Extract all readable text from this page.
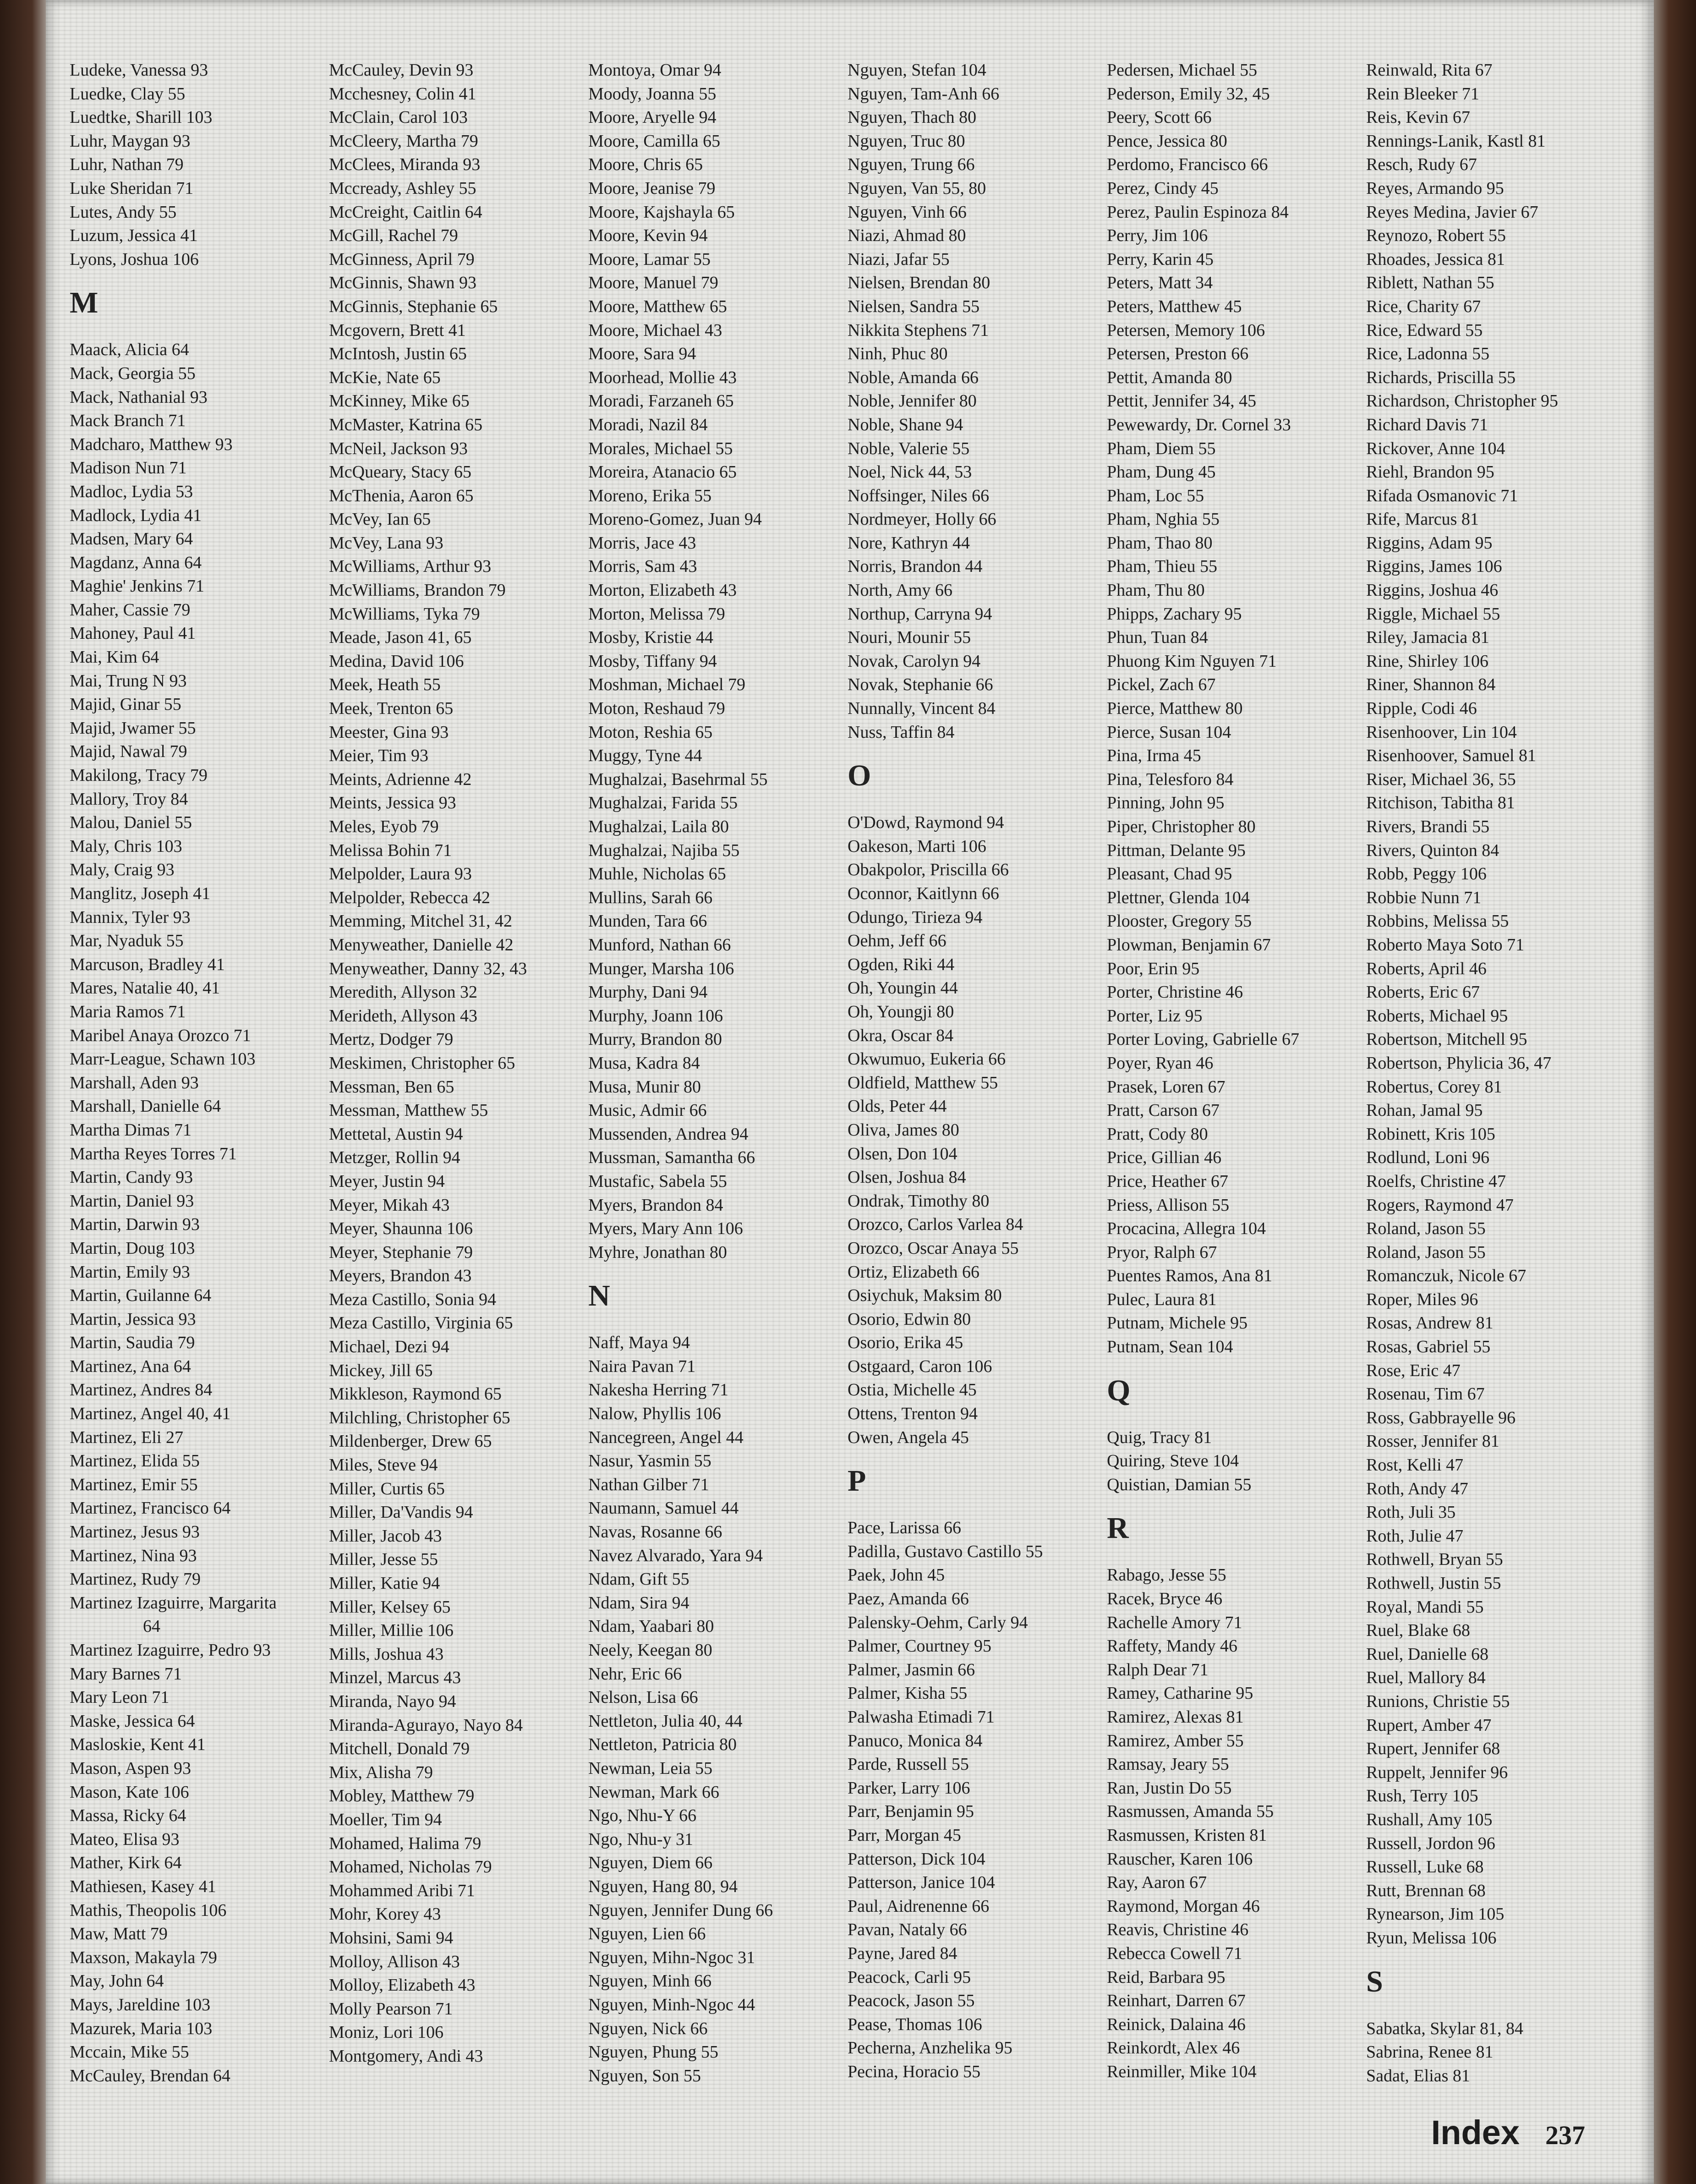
Ludeke, Vanessa 93
Luedke, Clay 55
Luedtke, Sharill 103
Luhr, Maygan 93
Luhr, Nathan 79
Luke Sheridan 71
Lutes, Andy 55
Luzum, Jessica 41
Lyons, Joshua 106
M
Maack, Alicia 64
Mack, Georgia 55
Mack, Nathanial 93
Mack Branch 71
Madcharo, Matthew 93
Madison Nun 71
Madloc, Lydia 53
Madlock, Lydia 41
Madsen, Mary 64
Magdanz, Anna 64
Maghie' Jenkins 71
Maher, Cassie 79
Mahoney, Paul 41
Mai, Kim 64
Mai, Trung N 93
Majid, Ginar 55
Majid, Jwamer 55
Majid, Nawal 79
Makilong, Tracy 79
Mallory, Troy 84
Malou, Daniel 55
Maly, Chris 103
Maly, Craig 93
Manglitz, Joseph 41
Mannix, Tyler 93
Mar, Nyaduk 55
Marcuson, Bradley 41
Mares, Natalie 40, 41
Maria Ramos 71
Maribel Anaya Orozco 71
Marr-League, Schawn 103
Marshall, Aden 93
Marshall, Danielle 64
Martha Dimas 71
Martha Reyes Torres 71
Martin, Candy 93
Martin, Daniel 93
Martin, Darwin 93
Martin, Doug 103
Martin, Emily 93
Martin, Guilanne 64
Martin, Jessica 93
Martin, Saudia 79
Martinez, Ana 64
Martinez, Andres 84
Martinez, Angel 40, 41
Martinez, Eli 27
Martinez, Elida 55
Martinez, Emir 55
Martinez, Francisco 64
Martinez, Jesus 93
Martinez, Nina 93
Martinez, Rudy 79
Martinez Izaguirre, Margarita
64
Martinez Izaguirre, Pedro 93
Mary Barnes 71
Mary Leon 71
Maske, Jessica 64
Masloskie, Kent 41
Mason, Aspen 93
Mason, Kate 106
Massa, Ricky 64
Mateo, Elisa 93
Mather, Kirk 64
Mathiesen, Kasey 41
Mathis, Theopolis 106
Maw, Matt 79
Maxson, Makayla 79
May, John 64
Mays, Jareldine 103
Mazurek, Maria 103
Mccain, Mike 55
McCauley, Brendan 64
McCauley, Devin 93
Mcchesney, Colin 41
McClain, Carol 103
McCleery, Martha 79
McClees, Miranda 93
Mccready, Ashley 55
McCreight, Caitlin 64
McGill, Rachel 79
McGinness, April 79
McGinnis, Shawn 93
McGinnis, Stephanie 65
Mcgovern, Brett 41
McIntosh, Justin 65
McKie, Nate 65
McKinney, Mike 65
McMaster, Katrina 65
McNeil, Jackson 93
McQueary, Stacy 65
McThenia, Aaron 65
McVey, Ian 65
McVey, Lana 93
McWilliams, Arthur 93
McWilliams, Brandon 79
McWilliams, Tyka 79
Meade, Jason 41, 65
Medina, David 106
Meek, Heath 55
Meek, Trenton 65
Meester, Gina 93
Meier, Tim 93
Meints, Adrienne 42
Meints, Jessica 93
Meles, Eyob 79
Melissa Bohin 71
Melpolder, Laura 93
Melpolder, Rebecca 42
Memming, Mitchel 31, 42
Menyweather, Danielle 42
Menyweather, Danny 32, 43
Meredith, Allyson 32
Merideth, Allyson 43
Mertz, Dodger 79
Meskimen, Christopher 65
Messman, Ben 65
Messman, Matthew 55
Mettetal, Austin 94
Metzger, Rollin 94
Meyer, Justin 94
Meyer, Mikah 43
Meyer, Shaunna 106
Meyer, Stephanie 79
Meyers, Brandon 43
Meza Castillo, Sonia 94
Meza Castillo, Virginia 65
Michael, Dezi 94
Mickey, Jill 65
Mikkleson, Raymond 65
Milchling, Christopher 65
Mildenberger, Drew 65
Miles, Steve 94
Miller, Curtis 65
Miller, Da'Vandis 94
Miller, Jacob 43
Miller, Jesse 55
Miller, Katie 94
Miller, Kelsey 65
Miller, Millie 106
Mills, Joshua 43
Minzel, Marcus 43
Miranda, Nayo 94
Miranda-Agurayo, Nayo 84
Mitchell, Donald 79
Mix, Alisha 79
Mobley, Matthew 79
Moeller, Tim 94
Mohamed, Halima 79
Mohamed, Nicholas 79
Mohammed Aribi 71
Mohr, Korey 43
Mohsini, Sami 94
Molloy, Allison 43
Molloy, Elizabeth 43
Molly Pearson 71
Moniz, Lori 106
Montgomery, Andi 43
Montoya, Omar 94
Moody, Joanna 55
Moore, Aryelle 94
Moore, Camilla 65
Moore, Chris 65
Moore, Jeanise 79
Moore, Kajshayla 65
Moore, Kevin 94
Moore, Lamar 55
Moore, Manuel 79
Moore, Matthew 65
Moore, Michael 43
Moore, Sara 94
Moorhead, Mollie 43
Moradi, Farzaneh 65
Moradi, Nazil 84
Morales, Michael 55
Moreira, Atanacio 65
Moreno, Erika 55
Moreno-Gomez, Juan 94
Morris, Jace 43
Morris, Sam 43
Morton, Elizabeth 43
Morton, Melissa 79
Mosby, Kristie 44
Mosby, Tiffany 94
Moshman, Michael 79
Moton, Reshaud 79
Moton, Reshia 65
Muggy, Tyne 44
Mughalzai, Basehrmal 55
Mughalzai, Farida 55
Mughalzai, Laila 80
Mughalzai, Najiba 55
Muhle, Nicholas 65
Mullins, Sarah 66
Munden, Tara 66
Munford, Nathan 66
Munger, Marsha 106
Murphy, Dani 94
Murphy, Joann 106
Murry, Brandon 80
Musa, Kadra 84
Musa, Munir 80
Music, Admir 66
Mussenden, Andrea 94
Mussman, Samantha 66
Mustafic, Sabela 55
Myers, Brandon 84
Myers, Mary Ann 106
Myhre, Jonathan 80
N
Naff, Maya 94
Naira Pavan 71
Nakesha Herring 71
Nalow, Phyllis 106
Nancegreen, Angel 44
Nasur, Yasmin 55
Nathan Gilber 71
Naumann, Samuel 44
Navas, Rosanne 66
Navez Alvarado, Yara 94
Ndam, Gift 55
Ndam, Sira 94
Ndam, Yaabari 80
Neely, Keegan 80
Nehr, Eric 66
Nelson, Lisa 66
Nettleton, Julia 40, 44
Nettleton, Patricia 80
Newman, Leia 55
Newman, Mark 66
Ngo, Nhu-Y 66
Ngo, Nhu-y 31
Nguyen, Diem 66
Nguyen, Hang 80, 94
Nguyen, Jennifer Dung 66
Nguyen, Lien 66
Nguyen, Mihn-Ngoc 31
Nguyen, Minh 66
Nguyen, Minh-Ngoc 44
Nguyen, Nick 66
Nguyen, Phung 55
Nguyen, Son 55
Nguyen, Stefan 104
Nguyen, Tam-Anh 66
Nguyen, Thach 80
Nguyen, Truc 80
Nguyen, Trung 66
Nguyen, Van 55, 80
Nguyen, Vinh 66
Niazi, Ahmad 80
Niazi, Jafar 55
Nielsen, Brendan 80
Nielsen, Sandra 55
Nikkita Stephens 71
Ninh, Phuc 80
Noble, Amanda 66
Noble, Jennifer 80
Noble, Shane 94
Noble, Valerie 55
Noel, Nick 44, 53
Noffsinger, Niles 66
Nordmeyer, Holly 66
Nore, Kathryn 44
Norris, Brandon 44
North, Amy 66
Northup, Carryna 94
Nouri, Mounir 55
Novak, Carolyn 94
Novak, Stephanie 66
Nunnally, Vincent 84
Nuss, Taffin 84
O
O'Dowd, Raymond 94
Oakeson, Marti 106
Obakpolor, Priscilla 66
Oconnor, Kaitlynn 66
Odungo, Tirieza 94
Oehm, Jeff 66
Ogden, Riki 44
Oh, Youngin 44
Oh, Youngji 80
Okra, Oscar 84
Okwumuo, Eukeria 66
Oldfield, Matthew 55
Olds, Peter 44
Oliva, James 80
Olsen, Don 104
Olsen, Joshua 84
Ondrak, Timothy 80
Orozco, Carlos Varlea 84
Orozco, Oscar Anaya 55
Ortiz, Elizabeth 66
Osiychuk, Maksim 80
Osorio, Edwin 80
Osorio, Erika 45
Ostgaard, Caron 106
Ostia, Michelle 45
Ottens, Trenton 94
Owen, Angela 45
P
Pace, Larissa 66
Padilla, Gustavo Castillo 55
Paek, John 45
Paez, Amanda 66
Palensky-Oehm, Carly 94
Palmer, Courtney 95
Palmer, Jasmin 66
Palmer, Kisha 55
Palwasha Etimadi 71
Panuco, Monica 84
Parde, Russell 55
Parker, Larry 106
Parr, Benjamin 95
Parr, Morgan 45
Patterson, Dick 104
Patterson, Janice 104
Paul, Aidrenenne 66
Pavan, Nataly 66
Payne, Jared 84
Peacock, Carli 95
Peacock, Jason 55
Pease, Thomas 106
Pecherna, Anzhelika 95
Pecina, Horacio 55
Pedersen, Michael 55
Pederson, Emily 32, 45
Peery, Scott 66
Pence, Jessica 80
Perdomo, Francisco 66
Perez, Cindy 45
Perez, Paulin Espinoza 84
Perry, Jim 106
Perry, Karin 45
Peters, Matt 34
Peters, Matthew 45
Petersen, Memory 106
Petersen, Preston 66
Pettit, Amanda 80
Pettit, Jennifer 34, 45
Pewewardy, Dr. Cornel 33
Pham, Diem 55
Pham, Dung 45
Pham, Loc 55
Pham, Nghia 55
Pham, Thao 80
Pham, Thieu 55
Pham, Thu 80
Phipps, Zachary 95
Phun, Tuan 84
Phuong Kim Nguyen 71
Pickel, Zach 67
Pierce, Matthew 80
Pierce, Susan 104
Pina, Irma 45
Pina, Telesforo 84
Pinning, John 95
Piper, Christopher 80
Pittman, Delante 95
Pleasant, Chad 95
Plettner, Glenda 104
Plooster, Gregory 55
Plowman, Benjamin 67
Poor, Erin 95
Porter, Christine 46
Porter, Liz 95
Porter Loving, Gabrielle 67
Poyer, Ryan 46
Prasek, Loren 67
Pratt, Carson 67
Pratt, Cody 80
Price, Gillian 46
Price, Heather 67
Priess, Allison 55
Procacina, Allegra 104
Pryor, Ralph 67
Puentes Ramos, Ana 81
Pulec, Laura 81
Putnam, Michele 95
Putnam, Sean 104
Q
Quig, Tracy 81
Quiring, Steve 104
Quistian, Damian 55
R
Rabago, Jesse 55
Racek, Bryce 46
Rachelle Amory 71
Raffety, Mandy 46
Ralph Dear 71
Ramey, Catharine 95
Ramirez, Alexas 81
Ramirez, Amber 55
Ramsay, Jeary 55
Ran, Justin Do 55
Rasmussen, Amanda 55
Rasmussen, Kristen 81
Rauscher, Karen 106
Ray, Aaron 67
Raymond, Morgan 46
Reavis, Christine 46
Rebecca Cowell 71
Reid, Barbara 95
Reinhart, Darren 67
Reinick, Dalaina 46
Reinkordt, Alex 46
Reinmiller, Mike 104
Reinwald, Rita 67
Rein Bleeker 71
Reis, Kevin 67
Rennings-Lanik, Kastl 81
Resch, Rudy 67
Reyes, Armando 95
Reyes Medina, Javier 67
Reynozo, Robert 55
Rhoades, Jessica 81
Riblett, Nathan 55
Rice, Charity 67
Rice, Edward 55
Rice, Ladonna 55
Richards, Priscilla 55
Richardson, Christopher 95
Richard Davis 71
Rickover, Anne 104
Riehl, Brandon 95
Rifada Osmanovic 71
Rife, Marcus 81
Riggins, Adam 95
Riggins, James 106
Riggins, Joshua 46
Riggle, Michael 55
Riley, Jamacia 81
Rine, Shirley 106
Riner, Shannon 84
Ripple, Codi 46
Risenhoover, Lin 104
Risenhoover, Samuel 81
Riser, Michael 36, 55
Ritchison, Tabitha 81
Rivers, Brandi 55
Rivers, Quinton 84
Robb, Peggy 106
Robbie Nunn 71
Robbins, Melissa 55
Roberto Maya Soto 71
Roberts, April 46
Roberts, Eric 67
Roberts, Michael 95
Robertson, Mitchell 95
Robertson, Phylicia 36, 47
Robertus, Corey 81
Rohan, Jamal 95
Robinett, Kris 105
Rodlund, Loni 96
Roelfs, Christine 47
Rogers, Raymond 47
Roland, Jason 55
Roland, Jason 55
Romanczuk, Nicole 67
Roper, Miles 96
Rosas, Andrew 81
Rosas, Gabriel 55
Rose, Eric 47
Rosenau, Tim 67
Ross, Gabbrayelle 96
Rosser, Jennifer 81
Rost, Kelli 47
Roth, Andy 47
Roth, Juli 35
Roth, Julie 47
Rothwell, Bryan 55
Rothwell, Justin 55
Royal, Mandi 55
Ruel, Blake 68
Ruel, Danielle 68
Ruel, Mallory 84
Runions, Christie 55
Rupert, Amber 47
Rupert, Jennifer 68
Ruppelt, Jennifer 96
Rush, Terry 105
Rushall, Amy 105
Russell, Jordon 96
Russell, Luke 68
Rutt, Brennan 68
Rynearson, Jim 105
Ryun, Melissa 106
S
Sabatka, Skylar 81, 84
Sabrina, Renee 81
Sadat, Elias 81
Index 237
